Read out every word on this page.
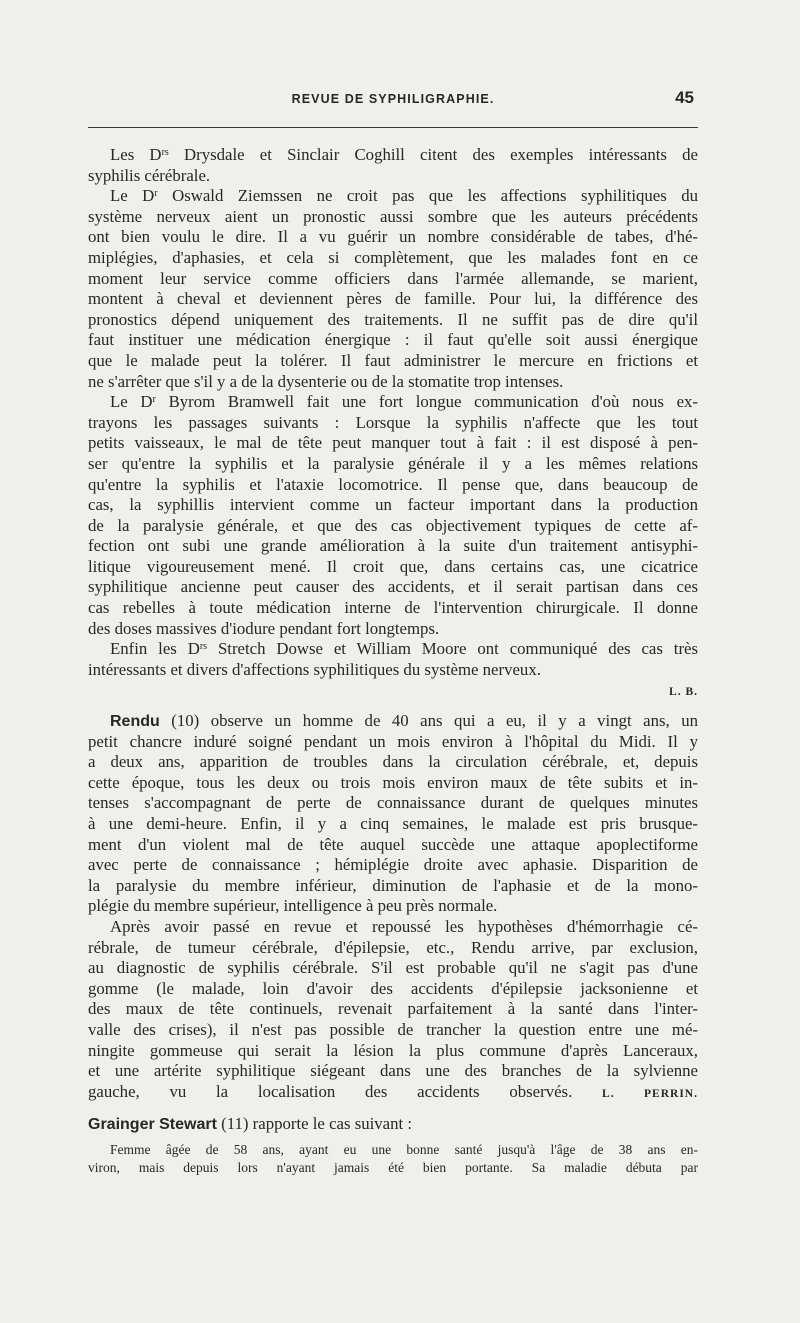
REVUE DE SYPHILIGRAPHIE.	45
Les $D^{rs}$ Drysdale et Sinclair Coghill citent des exemples intéressants de
syphilis cérébrale.
Le $D^r$ Oswald Ziemssen ne croit pas que les affections syphilitiques du
système nerveux aient un pronostic aussi sombre que les auteurs précédents
ont bien voulu le dire. Il a vu guérir un nombre considérable de tabes, d'hé-
miplégies, d'aphasies, et cela si complètement, que les malades font en ce
moment leur service comme officiers dans l'armée allemande, se marient,
montent à cheval et deviennent pères de famille. Pour lui, la différence des
pronostics dépend uniquement des traitements. Il ne suffit pas de dire qu'il
faut instituer une médication énergique : il faut qu'elle soit aussi énergique
que le malade peut la tolérer. Il faut administrer le mercure en frictions et
ne s'arrêter que s'il y a de la dysenterie ou de la stomatite trop intenses.
Le $D^r$ Byrom Bramwell fait une fort longue communication d'où nous ex-
trayons les passages suivants : Lorsque la syphilis n'affecte que les tout
petits vaisseaux, le mal de tête peut manquer tout à fait : il est disposé à pen-
ser qu'entre la syphilis et la paralysie générale il y a les mêmes relations
qu'entre la syphilis et l'ataxie locomotrice. Il pense que, dans beaucoup de
cas, la syphillis intervient comme un facteur important dans la production
de la paralysie générale, et que des cas objectivement typiques de cette af-
fection ont subi une grande amélioration à la suite d'un traitement antisyphi-
litique vigoureusement mené. Il croit que, dans certains cas, une cicatrice
syphilitique ancienne peut causer des accidents, et il serait partisan dans ces
cas rebelles à toute médication interne de l'intervention chirurgicale. Il donne
des doses massives d'iodure pendant fort longtemps.
Enfin les $D^{rs}$ Stretch Dowse et William Moore ont communiqué des cas très
intéressants et divers d'affections syphilitiques du système nerveux.
L. B.
Rendu (10) observe un homme de 40 ans qui a eu, il y a vingt ans, un
petit chancre induré soigné pendant un mois environ à l'hôpital du Midi. Il y
a deux ans, apparition de troubles dans la circulation cérébrale, et, depuis
cette époque, tous les deux ou trois mois environ maux de tête subits et in-
tenses s'accompagnant de perte de connaissance durant de quelques minutes
à une demi-heure. Enfin, il y a cinq semaines, le malade est pris brusque-
ment d'un violent mal de tête auquel succède une attaque apoplectiforme
avec perte de connaissance ; hémiplégie droite avec aphasie. Disparition de
la paralysie du membre inférieur, diminution de l'aphasie et de la mono-
plégie du membre supérieur, intelligence à peu près normale.
Après avoir passé en revue et repoussé les hypothèses d'hémorrhagie cé-
rébrale, de tumeur cérébrale, d'épilepsie, etc., Rendu arrive, par exclusion,
au diagnostic de syphilis cérébrale. S'il est probable qu'il ne s'agit pas d'une
gomme (le malade, loin d'avoir des accidents d'épilepsie jacksonienne et
des maux de tête continuels, revenait parfaitement à la santé dans l'inter-
valle des crises), il n'est pas possible de trancher la question entre une mé-
ningite gommeuse qui serait la lésion la plus commune d'après Lanceraux,
et une artérite syphilitique siégeant dans une des branches de la sylvienne
gauche, vu la localisation des accidents observés.	L. PERRIN.
Grainger Stewart (11) rapporte le cas suivant :
Femme âgée de 58 ans, ayant eu une bonne santé jusqu'à l'âge de 38 ans en-
viron, mais depuis lors n'ayant jamais été bien portante. Sa maladie débuta par
